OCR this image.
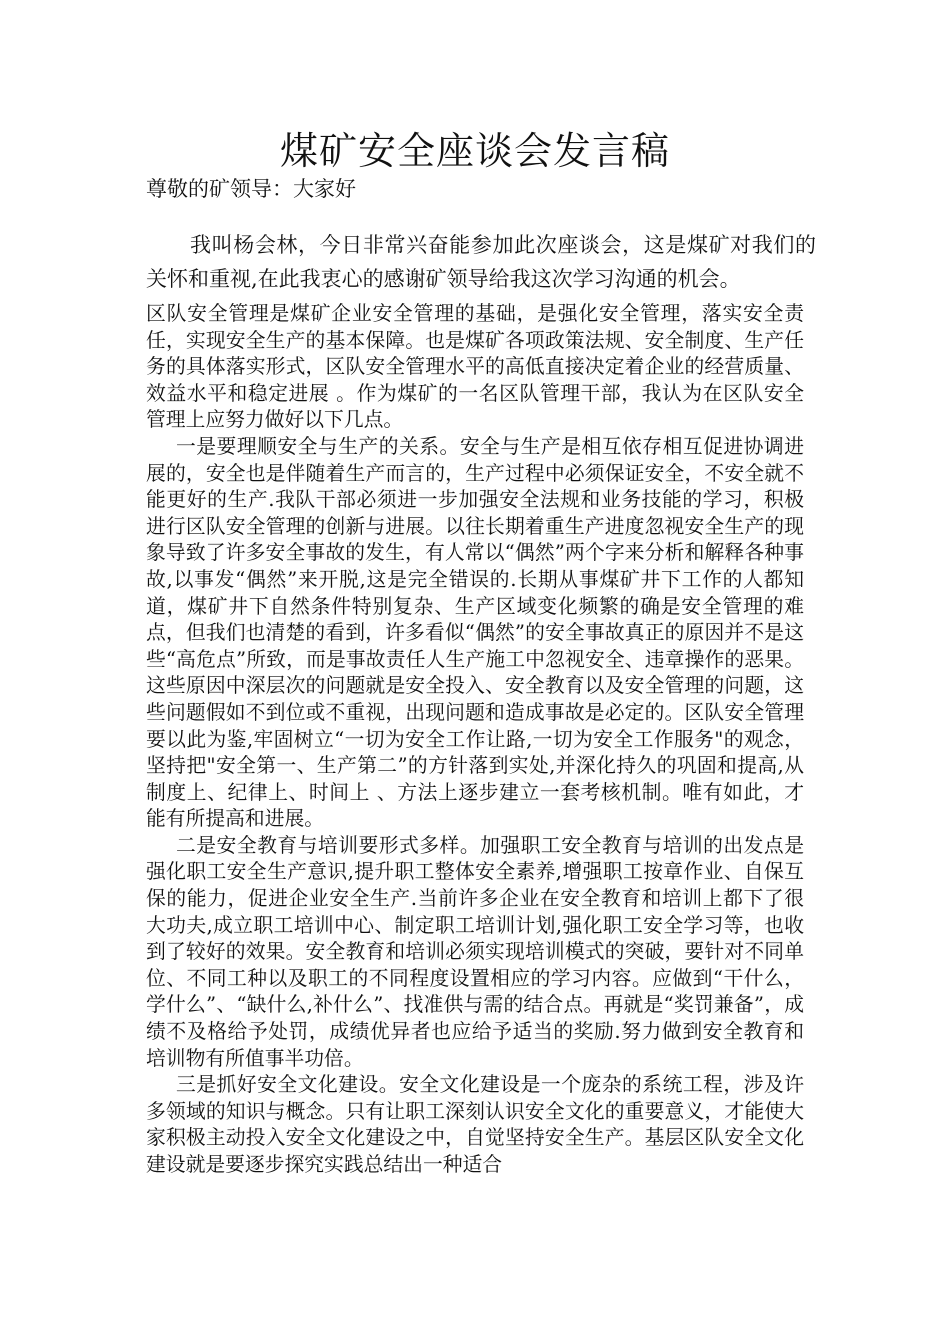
煤矿安全座谈会发言稿
尊敬的矿领导：大家好
我叫杨会林，今日非常兴奋能参加此次座谈会，这是煤矿对我们的关怀和重视,在此我衷心的感谢矿领导给我这次学习沟通的机会。

区队安全管理是煤矿企业安全管理的基础，是强化安全管理，落实安全责任，实现安全生产的基本保障。也是煤矿各项政策法规、安全制度、生产任务的具体落实形式，区队安全管理水平的高低直接决定着企业的经营质量、效益水平和稳定进展 。作为煤矿的一名区队管理干部，我认为在区队安全管理上应努力做好以下几点。

一是要理顺安全与生产的关系。安全与生产是相互依存相互促进协调进展的，安全也是伴随着生产而言的，生产过程中必须保证安全，不安全就不能更好的生产.我队干部必须进一步加强安全法规和业务技能的学习，积极进行区队安全管理的创新与进展。以往长期着重生产进度忽视安全生产的现象导致了许多安全事故的发生，有人常以“偶然”两个字来分析和解释各种事故,以事发“偶然”来开脱,这是完全错误的.长期从事煤矿井下工作的人都知道，煤矿井下自然条件特别复杂、生产区域变化频繁的确是安全管理的难点，但我们也清楚的看到，许多看似“偶然”的安全事故真正的原因并不是这些“高危点”所致，而是事故责任人生产施工中忽视安全、违章操作的恶果。这些原因中深层次的问题就是安全投入、安全教育以及安全管理的问题，这些问题假如不到位或不重视，出现问题和造成事故是必定的。区队安全管理要以此为鉴,牢固树立“一切为安全工作让路,一切为安全工作服务"的观念，坚持把"安全第一、生产第二”的方针落到实处,并深化持久的巩固和提高,从制度上、纪律上、时间上 、方法上逐步建立一套考核机制。唯有如此，才能有所提高和进展。

二是安全教育与培训要形式多样。加强职工安全教育与培训的出发点是强化职工安全生产意识,提升职工整体安全素养,增强职工按章作业、自保互保的能力，促进企业安全生产.当前许多企业在安全教育和培训上都下了很大功夫,成立职工培训中心、制定职工培训计划,强化职工安全学习等，也收到了较好的效果。安全教育和培训必须实现培训模式的突破，要针对不同单位、不同工种以及职工的不同程度设置相应的学习内容。应做到“干什么，学什么”、“缺什么,补什么”、找准供与需的结合点。再就是“奖罚兼备”，成绩不及格给予处罚，成绩优异者也应给予适当的奖励.努力做到安全教育和培训物有所值事半功倍。

三是抓好安全文化建设。安全文化建设是一个庞杂的系统工程，涉及许多领域的知识与概念。只有让职工深刻认识安全文化的重要意义，才能使大家积极主动投入安全文化建设之中，自觉坚持安全生产。基层区队安全文化建设就是要逐步探究实践总结出一种适合
